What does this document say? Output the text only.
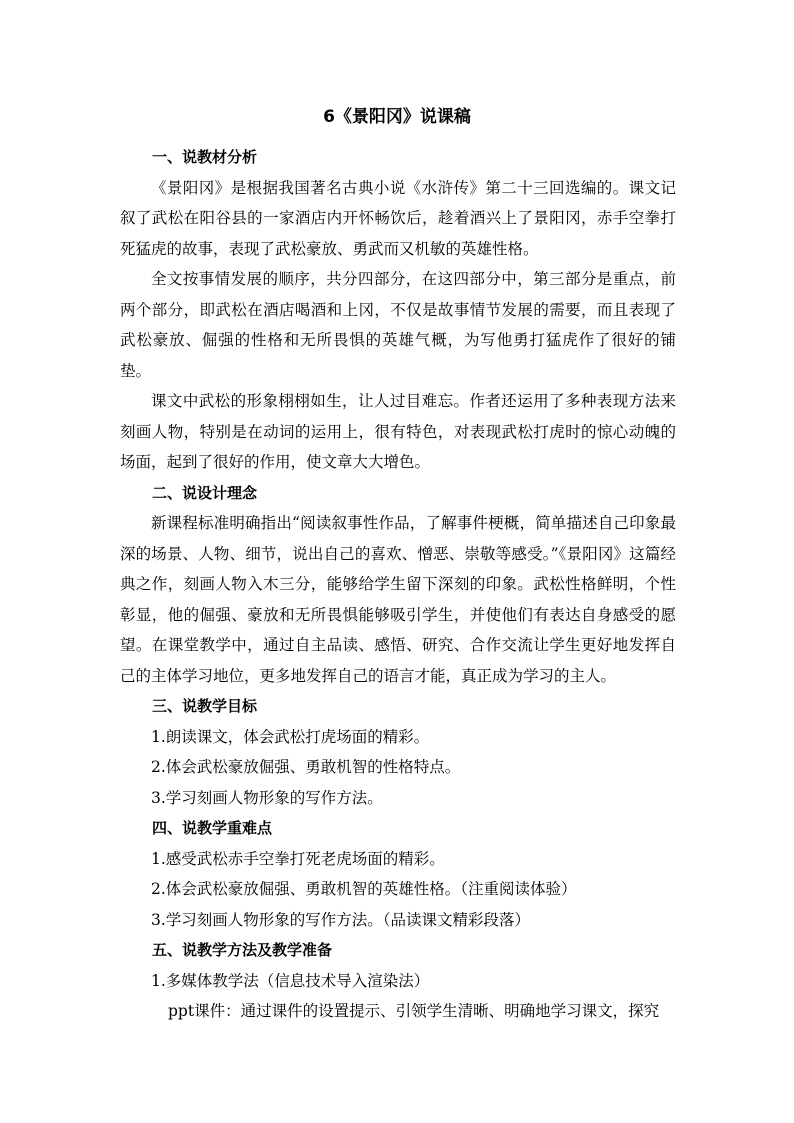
6《景阳冈》说课稿

一、说教材分析

《景阳冈》是根据我国著名古典小说《水浒传》第二十三回选编的。课文记叙了武松在阳谷县的一家酒店内开怀畅饮后，趁着酒兴上了景阳冈，赤手空拳打死猛虎的故事，表现了武松豪放、勇武而又机敏的英雄性格。

全文按事情发展的顺序，共分四部分，在这四部分中，第三部分是重点，前两个部分，即武松在酒店喝酒和上冈，不仅是故事情节发展的需要，而且表现了武松豪放、倔强的性格和无所畏惧的英雄气概，为写他勇打猛虎作了很好的铺垫。

课文中武松的形象栩栩如生，让人过目难忘。作者还运用了多种表现方法来刻画人物，特别是在动词的运用上，很有特色，对表现武松打虎时的惊心动魄的场面，起到了很好的作用，使文章大大增色。

二、说设计理念

新课程标准明确指出“阅读叙事性作品，了解事件梗概，简单描述自己印象最深的场景、人物、细节，说出自己的喜欢、憎恶、崇敬等感受。”《景阳冈》这篇经典之作，刻画人物入木三分，能够给学生留下深刻的印象。武松性格鲜明，个性彰显，他的倔强、豪放和无所畏惧能够吸引学生，并使他们有表达自身感受的愿望。在课堂教学中，通过自主品读、感悟、研究、合作交流让学生更好地发挥自己的主体学习地位，更多地发挥自己的语言才能，真正成为学习的主人。

三、说教学目标

1.朗读课文，体会武松打虎场面的精彩。

2.体会武松豪放倔强、勇敢机智的性格特点。

3.学习刻画人物形象的写作方法。

四、说教学重难点

1.感受武松赤手空拳打死老虎场面的精彩。

2.体会武松豪放倔强、勇敢机智的英雄性格。（注重阅读体验）

3.学习刻画人物形象的写作方法。（品读课文精彩段落）

五、说教学方法及教学准备

1.多媒体教学法（信息技术导入渲染法）

ppt课件：通过课件的设置提示、引领学生清晰、明确地学习课文，探究
